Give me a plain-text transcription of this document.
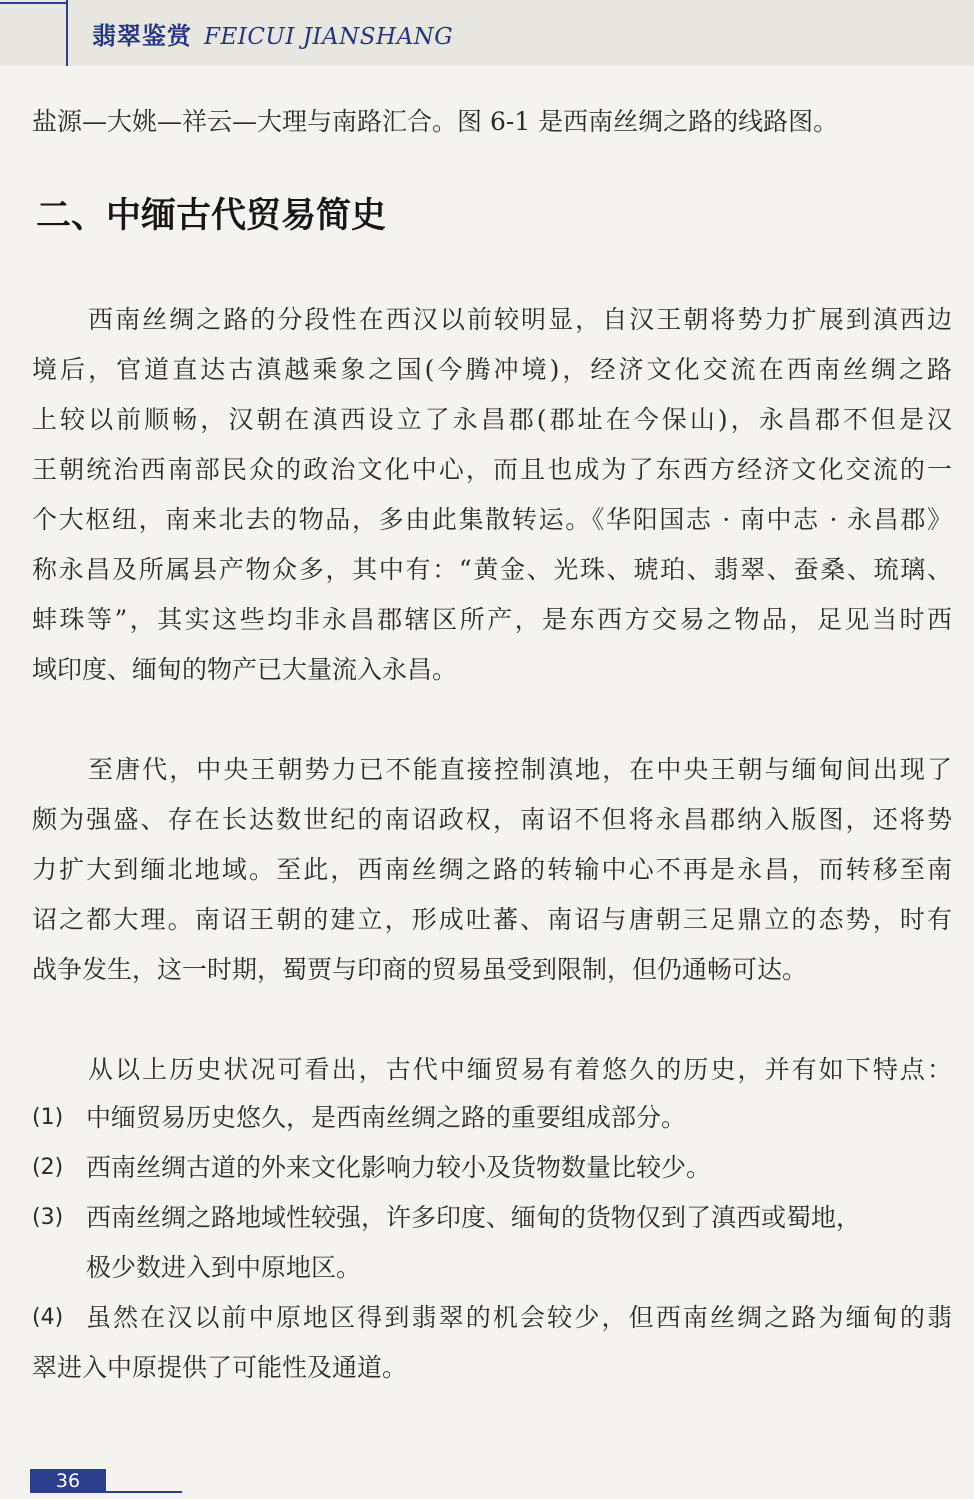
翡翠鉴赏 FEICUI JIANSHANG
盐源—大姚—祥云—大理与南路汇合。图 6-1 是西南丝绸之路的线路图。
二、中缅古代贸易简史
西南丝绸之路的分段性在西汉以前较明显，自汉王朝将势力扩展到滇西边
境后，官道直达古滇越乘象之国(今腾冲境)，经济文化交流在西南丝绸之路
上较以前顺畅，汉朝在滇西设立了永昌郡(郡址在今保山)，永昌郡不但是汉
王朝统治西南部民众的政治文化中心，而且也成为了东西方经济文化交流的一
个大枢纽，南来北去的物品，多由此集散转运。《华阳国志 · 南中志 · 永昌郡》
称永昌及所属县产物众多，其中有：“黄金、光珠、琥珀、翡翠、蚕桑、琉璃、
蚌珠等”，其实这些均非永昌郡辖区所产，是东西方交易之物品，足见当时西
域印度、缅甸的物产已大量流入永昌。
至唐代，中央王朝势力已不能直接控制滇地，在中央王朝与缅甸间出现了
颇为强盛、存在长达数世纪的南诏政权，南诏不但将永昌郡纳入版图，还将势
力扩大到缅北地域。至此，西南丝绸之路的转输中心不再是永昌，而转移至南
诏之都大理。南诏王朝的建立，形成吐蕃、南诏与唐朝三足鼎立的态势，时有
战争发生，这一时期，蜀贾与印商的贸易虽受到限制，但仍通畅可达。
从以上历史状况可看出，古代中缅贸易有着悠久的历史，并有如下特点：
(1) 中缅贸易历史悠久，是西南丝绸之路的重要组成部分。
(2) 西南丝绸古道的外来文化影响力较小及货物数量比较少。
(3) 西南丝绸之路地域性较强，许多印度、缅甸的货物仅到了滇西或蜀地，
极少数进入到中原地区。
(4) 虽然在汉以前中原地区得到翡翠的机会较少，但西南丝绸之路为缅甸的翡
翠进入中原提供了可能性及通道。
36
